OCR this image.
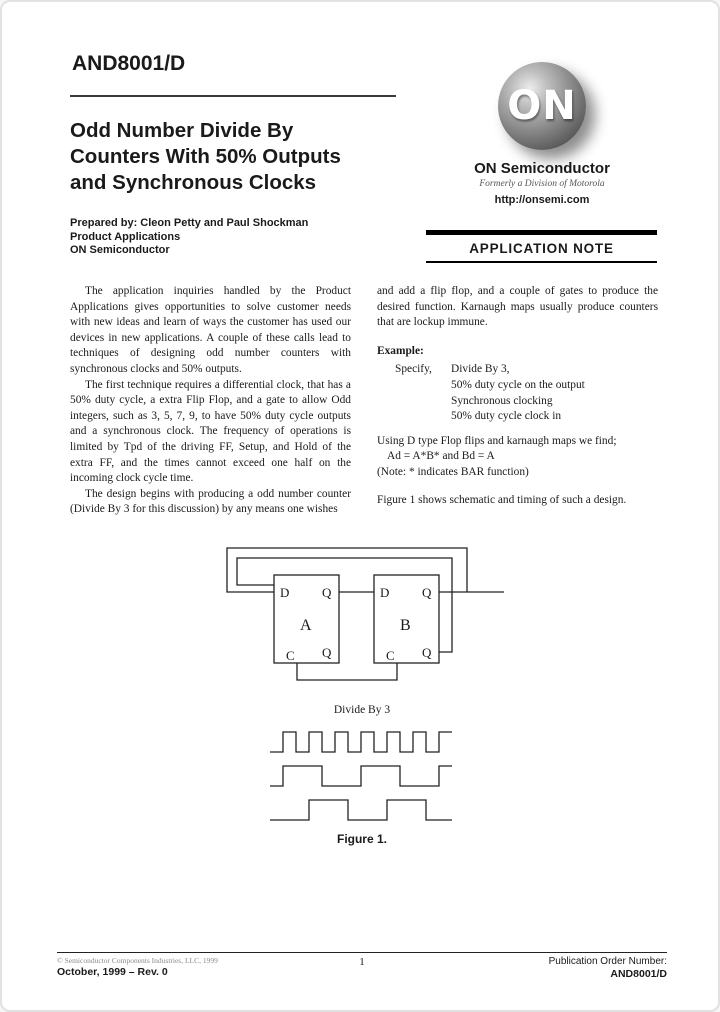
AND8001/D
Odd Number Divide By
Counters With 50% Outputs
and Synchronous Clocks
Prepared by: Cleon Petty and Paul Shockman
Product Applications
ON Semiconductor
ON
ON Semiconductor
Formerly a Division of Motorola
http://onsemi.com
APPLICATION NOTE

The application inquiries handled by the Product Applications gives opportunities to solve customer needs with new ideas and learn of ways the customer has used our devices in new applications. A couple of these calls lead to techniques of designing odd number counters with synchronous clocks and 50% outputs.

The first technique requires a differential clock, that has a 50% duty cycle, a extra Flip Flop, and a gate to allow Odd integers, such as 3, 5, 7, 9, to have 50% duty cycle outputs and a synchronous clock. The frequency of operations is limited by Tpd of the driving FF, Setup, and Hold of the extra FF, and the times cannot exceed one half on the incoming clock cycle time.

The design begins with producing a odd number counter (Divide By 3 for this discussion) by any means one wishes

and add a flip flop, and a couple of gates to produce the desired function. Karnaugh maps usually produce counters that are lockup immune.

Example:
Specify,	Divide By 3,
50% duty cycle on the output
Synchronous clocking
50% duty cycle clock in
Using D type Flop flips and karnaugh maps we find;
Ad = A*B* and Bd = A
(Note: * indicates BAR function)
Figure 1 shows schematic and timing of such a design.
D	Q
A
Q
C
D	Q
B
Q
C
Divide By 3
Figure 1.
© Semiconductor Components Industries, LLC, 1999
October, 1999 – Rev. 0
1	Publication Order Number:
AND8001/D
